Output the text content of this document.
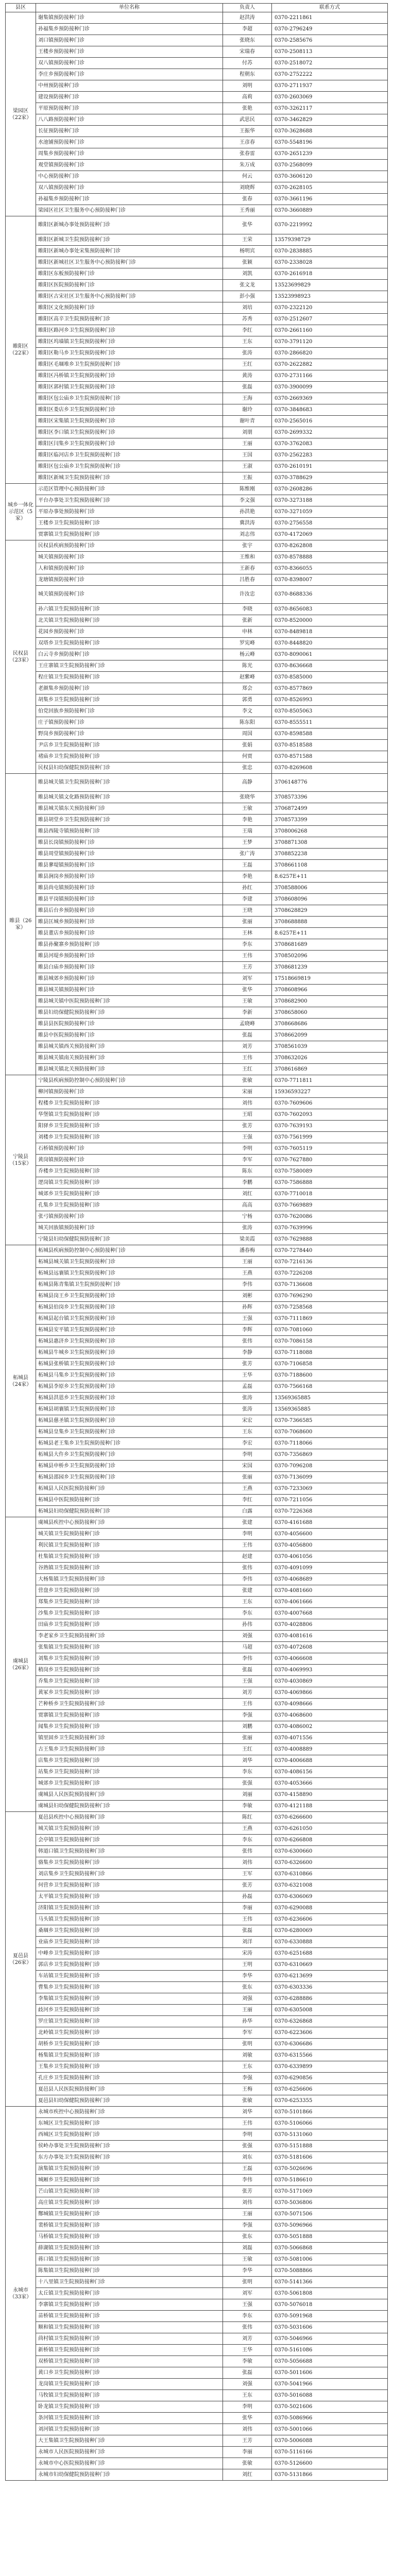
县区	单位名称	负责人	联系方式
梁园区（22家）	谢集镇预防接种门诊	赵洪涛	0370-2211861
	孙福集乡预防接种门诊	李超	0370-2796249
	刘口镇预防接种门诊	张晓东	0370-2585676
	王楼乡预防接种门诊	宋瑞春	0370-2508113
	双八镇预防接种门诊	付苏	0370-2518072
	李庄乡预防接种门诊	程朝东	0370-2752222
	中州预防接种门诊	刘明	0370-2711937
	建设预防接种门诊	高莉	0370-2603069
	平原预防接种门诊	张艳	0370-3262117
	八八路预防接种门诊	武思民	0370-3462829
	长征预防接种门诊	王振华	0370-3628688
	水池铺预防接种门诊	王彦春	0370-5548196
	周集乡预防接种门诊	张春雷	0370-2651239
	观堂镇预防接种门诊	朱万成	0370-2568099
	中心预防接种门诊	何云	0370-3606120
	双八镇预防接种门诊	刘晓辉	0370-2628105
	孙福集乡预防接种门诊	张春	0370-3661196
	梁园区社区卫生服务中心预防接种门诊	王秀丽	0370-3660889
睢阳区（22家）	睢阳区新城办事处预防接种门诊	张华	0370-2219992
	睢阳区新城卫生院预防接种门诊	王荣	13579398729
	睢阳区新城办事处宋集预防接种门诊	杨明宾	0370-2838885
	睢阳区新城社区卫生服务中心预防接种门诊	张颖	0370-2338028
	睢阳区东板预防接种门诊	刘凯	0370-2616918
	睢阳区医院预防接种门诊	张文龙	13523699829
	睢阳区古宋社区卫生服务中心预防接种门诊	彭小强	13523998923
	睢阳区文化预防接种门诊	刘培	0370-2322120
	睢阳区高辛卫生院预防接种门诊	苏秀	0370-2512607
	睢阳区路河乡卫生院预防接种门诊	李红	0370-2661160
	睢阳区坞墙镇卫生院预防接种门诊	王东	0370-3791120
	睢阳区勒马乡卫生院预防接种门诊	张涛	0370-2866820
	睢阳区毛堌堆乡卫生院预防接种门诊	王红	0370-2622882
	睢阳区冯桥镇卫生院预防接种门诊	黄涛	0370-2731166
	睢阳区郭村镇卫生院预防接种门诊	张磊	0370-3900099
	睢阳区包公庙乡卫生院预防接种门诊	王海	0370-2669369
	睢阳区娄店乡卫生院预防接种门诊	谢玲	0370-3848683
	睢阳区宋集镇卫生院预防接种门诊	谢叶青	0370-2565016
	睢阳区李口镇卫生院预防接种门诊	刘朋	0370-2699332
	睢阳区闫集乡卫生院预防接种门诊	王丽	0370-3762083
	睢阳区临河店乡卫生院预防接种门诊	王国	0370-2562283
	睢阳区包公庙乡卫生院预防接种门诊	王淑	0370-2610191
	睢阳区新城卫生院预防接种门诊	王振	0370-3788629
城乡一体化示范区（5家）	示范区管理中心预防接种门诊	陈维刚	0370-2608286
	平台办事处卫生院预防接种门诊	李文强	0370-3273188
	平原办事处预防接种门诊	孙洪艳	0370-3271059
	王楼乡卫生院预防接种门诊	冀洪涛	0370-2756558
	贾寨镇卫生院预防接种门诊	刘志伟	0370-4172069
民权县（23家）	民权县疾病预防接种门诊	张宇	0370-8262808
	城关镇预防接种门诊	王维和	0370-8578888
	人和镇预防接种门诊	王新春	0370-8366055
	龙塘镇预防接种门诊	吕胜春	0370-8398007
	城关镇预防接种门诊	许汝忠	0370-8688336
	孙六镇卫生院预防接种门诊	李晓	0370-8656083
	北关镇卫生院预防接种门诊	张新	0370-8520000
	花园乡预防接种门诊	申林	0370-8489818
	双塔乡卫生院预防接种门诊	罗宪峰	0370-8448820
	白云寺乡预防接种门诊	杨云峰	0370-8090061
	王庄寨镇卫生院预防接种门诊	陈光	0370-8636668
	程庄镇卫生院预防接种门诊	赵紫峰	0370-8585000
	老颜集乡预防接种门诊	郑会	0370-8577869
	胡集乡卫生院预防接种门诊	郭勇	0370-8526993
	伯党回族乡预防接种门诊	李文	0370-8505063
	庄子镇预防接种门诊	陈东阳	0370-8555511
	野岗乡预防接种门诊	周国	0370-8598588
	尹店乡卫生院预防接种门诊	张娟	0370-8518588
	褚庙乡卫生院预防接种门诊	何贾	0370-8571588
	民权县妇幼保健院预防接种门诊	张忠	0370-8269608
睢县（26家）	睢县城关镇卫生院预防接种门诊	高静	3706148776
	睢县城关镇文化路预防接种门诊	张晓华	3708573396
	睢县城关镇东关预防接种门诊	王敏	3706872499
	睢县胡堂乡卫生院预防接种门诊	李艳	3708573399
	睢县西陵寺镇预防接种门诊	王瑞	3708006268
	睢县长岗镇预防接种门诊	王梦	3708871308
	睢县周堂镇预防接种门诊	张广涛	3708852238
	睢县蓼堤镇预防接种门诊	王磊	3708661108
	睢县涧岗乡预防接种门诊	李艳	8.6257E+11
	睢县尚屯镇预防接种门诊	孙红	3708588006
	睢县平岗镇预防接种门诊	李建	3708608096
	睢县后台乡预防接种门诊	王晓	3708628829
	睢县匡城乡预防接种门诊	张丽	3708688888
	睢县董店乡预防接种门诊	王林	8.6257E+11
	睢县孙聚寨乡预防接种门诊	李东	3708681689
	睢县河堤乡预防接种门诊	王伟	3708502096
	睢县白庙乡预防接种门诊	王芳	3708681239
	睢县城郊乡预防接种门诊	刘军	17518669819
	睢县城关镇预防接种门诊	张华	3708608966
	睢县城关镇中医院预防接种门诊	王敏	3708682900
	睢县妇幼保健院预防接种门诊	李新	3708658060
	睢县县医院预防接种门诊	孟晓峰	3708668686
	睢县中医院预防接种门诊	张磊	3708662099
	睢县城关镇西关预防接种门诊	刘芳	3708561039
	睢县城关镇南关预防接种门诊	王伟	3708632026
	睢县城关镇北关预防接种门诊	王红	3708616869
宁陵县（15家）	宁陵县疾病预防控制中心预防接种门诊	张敏	0370-7711811
	柳河镇预防接种门诊	宋丽	15936593227
	程楼乡卫生院预防接种门诊	刘伟	0370-7609606
	华堡镇卫生院预防接种门诊	王昭	0370-7602093
	阳驿乡卫生院预防接种门诊	张芳	0370-7639193
	刘楼乡卫生院预防接种门诊	王强	0370-7561999
	石桥镇预防接种门诊	李明	0370-7605119
	黄岗镇预防接种门诊	李军	0370-7627880
	乔楼乡卫生院预防接种门诊	陈东	0370-7580089
	逻岗镇卫生院预防接种门诊	李鹏	0370-7586888
	城郊乡卫生院预防接种门诊	刘红	0370-7710018
	孔集乡卫生院预防接种门诊	高高	0370-7669889
	张弓镇预防接种门诊	宁杨	0370-7620086
	城关回族镇预防接种门诊	张涛	0370-7639996
	宁陵县妇幼保健院预防接种门诊	梁美霞	0370-7629888
柘城县（24家）	柘城县疾病预防控制中心预防接种门诊	潘春梅	0370-7278440
	柘城县城关镇卫生院预防接种门诊	王丽	0370-7216136
	柘城县远襄镇卫生院预防接种门诊	王燕	0370-7226208
	柘城县陈青集镇卫生院预防接种门诊	李伟	0370-7136608
	柘城县岗王乡卫生院预防接种门诊	刘彬	0370-7696290
	柘城县伯岗乡卫生院预防接种门诊	孙辉	0370-7258568
	柘城县起台镇卫生院预防接种门诊	王强	0370-7111869
	柘城县安平镇卫生院预防接种门诊	李辉	0370-7081060
	柘城县惠济乡卫生院预防接种门诊	张伟	0370-7086158
	柘城县牛城乡卫生院预防接种门诊	李静	0370-7118088
	柘城县张桥镇卫生院预防接种门诊	张芳	0370-7106858
	柘城县马集乡卫生院预防接种门诊	王华	0370-7188600
	柘城县李原乡卫生院预防接种门诊	孟磊	0370-7566168
	柘城县洪恩乡卫生院预防接种门诊	张涛	13569365885
	柘城县胡襄镇卫生院预防接种门诊	张涛	13569365885
	柘城县慈圣镇卫生院预防接种门诊	宋宏	0370-7366585
	柘城县皇集乡卫生院预防接种门诊	王东	0370-7068600
	柘城县老王集乡卫生院预防接种门诊	李宏	0370-7118066
	柘城县大仵乡卫生院预防接种门诊	李明	0370-7356869
	柘城县申桥乡卫生院预防接种门诊	宋国	0370-7096208
	柘城县邵园乡卫生院预防接种门诊	张丽	0370-7136099
	柘城县人民医院预防接种门诊	王燕	0370-7233069
	柘城县中医院预防接种门诊	李红	0370-7211056
	柘城县妇幼保健院预防接种门诊	白露	0370-7226368
虞城县（26家）	虞城县疾控中心预防接种门诊	张建	0370-4161688
	城关镇卫生院预防接种门诊	李明	0370-4056600
	利民镇卫生院预防接种门诊	王伟	0370-4056800
	杜集镇卫生院预防接种门诊	赵建	0370-4061056
	谷熟镇卫生院预防接种门诊	张伟	0370-4091099
	大杨集镇卫生院预防接种门诊	李伟	0370-4068689
	营盘乡卫生院预防接种门诊	张建	0370-4081660
	郑集乡卫生院预防接种门诊	王东	0370-4061666
	沙集乡卫生院预防接种门诊	李东	0370-4007668
	田庙乡卫生院预防接种门诊	孙伟	0370-4028806
	李老家乡卫生院预防接种门诊	刘强	0370-4081616
	张集镇卫生院预防接种门诊	马超	0370-4072608
	刘集乡卫生院预防接种门诊	李伟	0370-4066608
	稍岗乡卫生院预防接种门诊	张磊	0370-4069993
	乔集乡卫生院预防接种门诊	王强	0370-4030869
	黄冢乡卫生院预防接种门诊	刘芳	0370-4069866
	芒种桥乡卫生院预防接种门诊	王伟	0370-4098666
	贾寨镇卫生院预防接种门诊	李强	0370-4068600
	闻集乡卫生院预防接种门诊	刘鹏	0370-4086002
	镇里固乡卫生院预防接种门诊	张丽	0370-4071556
	古王集乡卫生院预防接种门诊	王红	0370-4008889
	店集乡卫生院预防接种门诊	刘华	0370-4006688
	站集乡卫生院预防接种门诊	李东	0370-4086156
	城郊乡卫生院预防接种门诊	张强	0370-4053666
	虞城县人民医院预防接种门诊	刘丽	0370-4158890
	虞城县妇幼保健院预防接种门诊	李敏	0370-4121188
夏邑县（26家）	夏邑县疾控中心预防接种门诊	陈红	0370-6266600
	城关镇卫生院预防接种门诊	王燕	0370-6261050
	会亭镇卫生院预防接种门诊	李东	0370-6266808
	韩道口镇卫生院预防接种门诊	张伟	0370-6300660
	骆集乡卫生院预防接种门诊	刘伟	0370-6326600
	刘店集乡卫生院预防接种门诊	王军	0370-6310866
	何营乡卫生院预防接种门诊	张芳	0370-6321008
	太平镇卫生院预防接种门诊	孙磊	0370-6306069
	济阳镇卫生院预防接种门诊	李丽	0370-6290088
	马头镇卫生院预防接种门诊	王伟	0370-6236606
	桑堌乡卫生院预防接种门诊	张磊	0370-6280069
	业庙乡卫生院预防接种门诊	刘洋	0370-6330888
	中峰乡卫生院预防接种门诊	宋涛	0370-6251688
	郭店乡卫生院预防接种门诊	王明	0370-6310669
	车站镇卫生院预防接种门诊	李华	0370-6213699
	曹集乡卫生院预防接种门诊	张东	0370-6303336
	李集镇卫生院预防接种门诊	刘强	0370-6288886
	歧河乡卫生院预防接种门诊	王丽	0370-6305008
	罗庄镇卫生院预防接种门诊	孙华	0370-6326868
	北岭镇卫生院预防接种门诊	李军	0370-6223606
	胡桥乡卫生院预防接种门诊	张明	0370-6306686
	杨集镇卫生院预防接种门诊	刘敏	0370-6315566
	王集乡卫生院预防接种门诊	王东	0370-6339899
	孔庄乡卫生院预防接种门诊	李强	0370-6290856
	夏邑县人民医院预防接种门诊	王梅	0370-6256606
	夏邑县妇幼保健院预防接种门诊	张敏	0370-6253355
永城市（33家）	永城市疾控中心预防接种门诊	刘华	0370-5101866
	东城区卫生院预防接种门诊	王伟	0370-5106066
	西城区卫生院预防接种门诊	李明	0370-5131060
	侯岭办事处卫生院预防接种门诊	张强	0370-5151888
	东方办事处卫生院预防接种门诊	刘东	0370-5181606
	演集镇卫生院预防接种门诊	王磊	0370-5026696
	城厢乡卫生院预防接种门诊	李伟	0370-5186610
	芒山镇卫生院预防接种门诊	张芳	0370-5171069
	高庄镇卫生院预防接种门诊	刘伟	0370-5036806
	酂城镇卫生院预防接种门诊	王丽	0370-5071506
	裴桥镇卫生院预防接种门诊	李强	0370-5096966
	马桥镇卫生院预防接种门诊	张东	0370-5051888
	薛湖镇卫生院预防接种门诊	刘磊	0370-5066868
	蒋口镇卫生院预防接种门诊	王敏	0370-5081006
	陈集镇卫生院预防接种门诊	李华	0370-5088866
	十八里镇卫生院预防接种门诊	张明	0370-5141366
	太丘镇卫生院预防接种门诊	刘军	0370-5061808
	李寨镇卫生院预防接种门诊	王强	0370-5076018
	苗桥镇卫生院预防接种门诊	李东	0370-5091968
	顺和镇卫生院预防接种门诊	张伟	0370-5031606
	茴村镇卫生院预防接种门诊	刘芳	0370-5046966
	新桥镇卫生院预防接种门诊	王华	0370-5161086
	双桥镇卫生院预防接种门诊	李敏	0370-5056688
	黄口乡卫生院预防接种门诊	张磊	0370-5011606
	龙岗镇卫生院预防接种门诊	刘强	0370-5041966
	马牧镇卫生院预防接种门诊	王东	0370-5016088
	卧龙镇卫生院预防接种门诊	李明	0370-5021606
	条河镇卫生院预防接种门诊	张华	0370-5086966
	刘河镇卫生院预防接种门诊	刘伟	0370-5001066
	大王集镇卫生院预防接种门诊	王芳	0370-5006088
	永城市人民医院预防接种门诊	李丽	0370-5116166
	永城市中心医院预防接种门诊	张敏	0370-5126600
	永城市妇幼保健院预防接种门诊	刘红	0370-5131866
